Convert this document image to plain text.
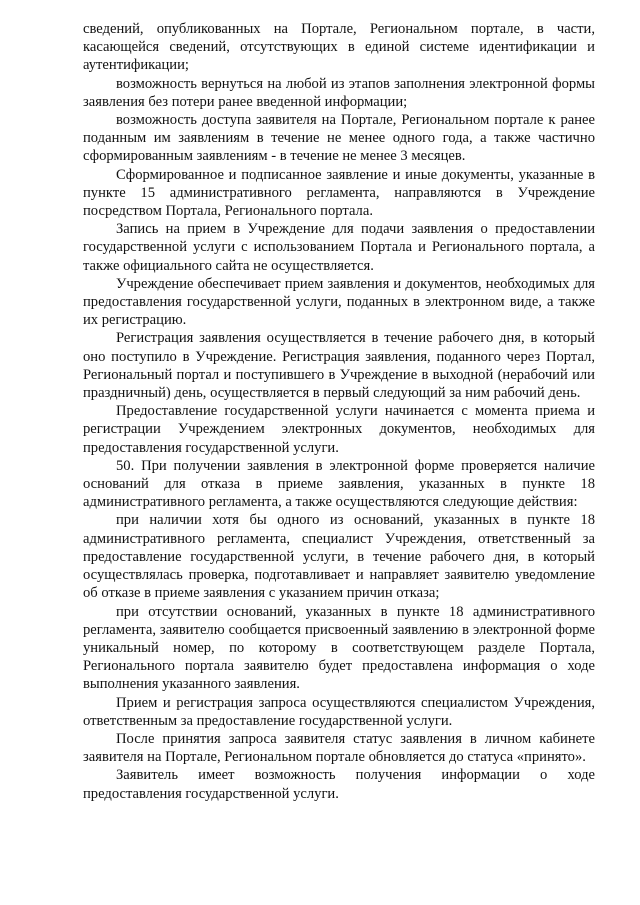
сведений, опубликованных на Портале, Региональном портале, в части, касающейся сведений, отсутствующих в единой системе идентификации и аутентификации;

возможность вернуться на любой из этапов заполнения электронной формы заявления без потери ранее введенной информации;

возможность доступа заявителя на Портале, Региональном портале к ранее поданным им заявлениям в течение не менее одного года, а также частично сформированным заявлениям - в течение не менее 3 месяцев.

Сформированное и подписанное заявление и иные документы, указанные в пункте 15 административного регламента, направляются в Учреждение посредством Портала, Регионального портала.

Запись на прием в Учреждение для подачи заявления о предоставлении государственной услуги с использованием Портала и Регионального портала, а также официального сайта не осуществляется.

Учреждение обеспечивает прием заявления и документов, необходимых для предоставления государственной услуги, поданных в электронном виде, а также их регистрацию.

Регистрация заявления осуществляется в течение рабочего дня, в который оно поступило в Учреждение. Регистрация заявления, поданного через Портал, Региональный портал и поступившего в Учреждение в выходной (нерабочий или праздничный) день, осуществляется в первый следующий за ним рабочий день.

Предоставление государственной услуги начинается с момента приема и регистрации Учреждением электронных документов, необходимых для предоставления государственной услуги.

50. При получении заявления в электронной форме проверяется наличие оснований для отказа в приеме заявления, указанных в пункте 18 административного регламента, а также осуществляются следующие действия:

при наличии хотя бы одного из оснований, указанных в пункте 18 административного регламента, специалист Учреждения, ответственный за предоставление государственной услуги, в течение рабочего дня, в который осуществлялась проверка, подготавливает и направляет заявителю уведомление об отказе в приеме заявления с указанием причин отказа;

при отсутствии оснований, указанных в пункте 18 административного регламента, заявителю сообщается присвоенный заявлению в электронной форме уникальный номер, по которому в соответствующем разделе Портала, Регионального портала заявителю будет предоставлена информация о ходе выполнения указанного заявления.

Прием и регистрация запроса осуществляются специалистом Учреждения, ответственным за предоставление государственной услуги.

После принятия запроса заявителя статус заявления в личном кабинете заявителя на Портале, Региональном портале обновляется до статуса «принято».

Заявитель имеет возможность получения информации о ходе предоставления государственной услуги.
